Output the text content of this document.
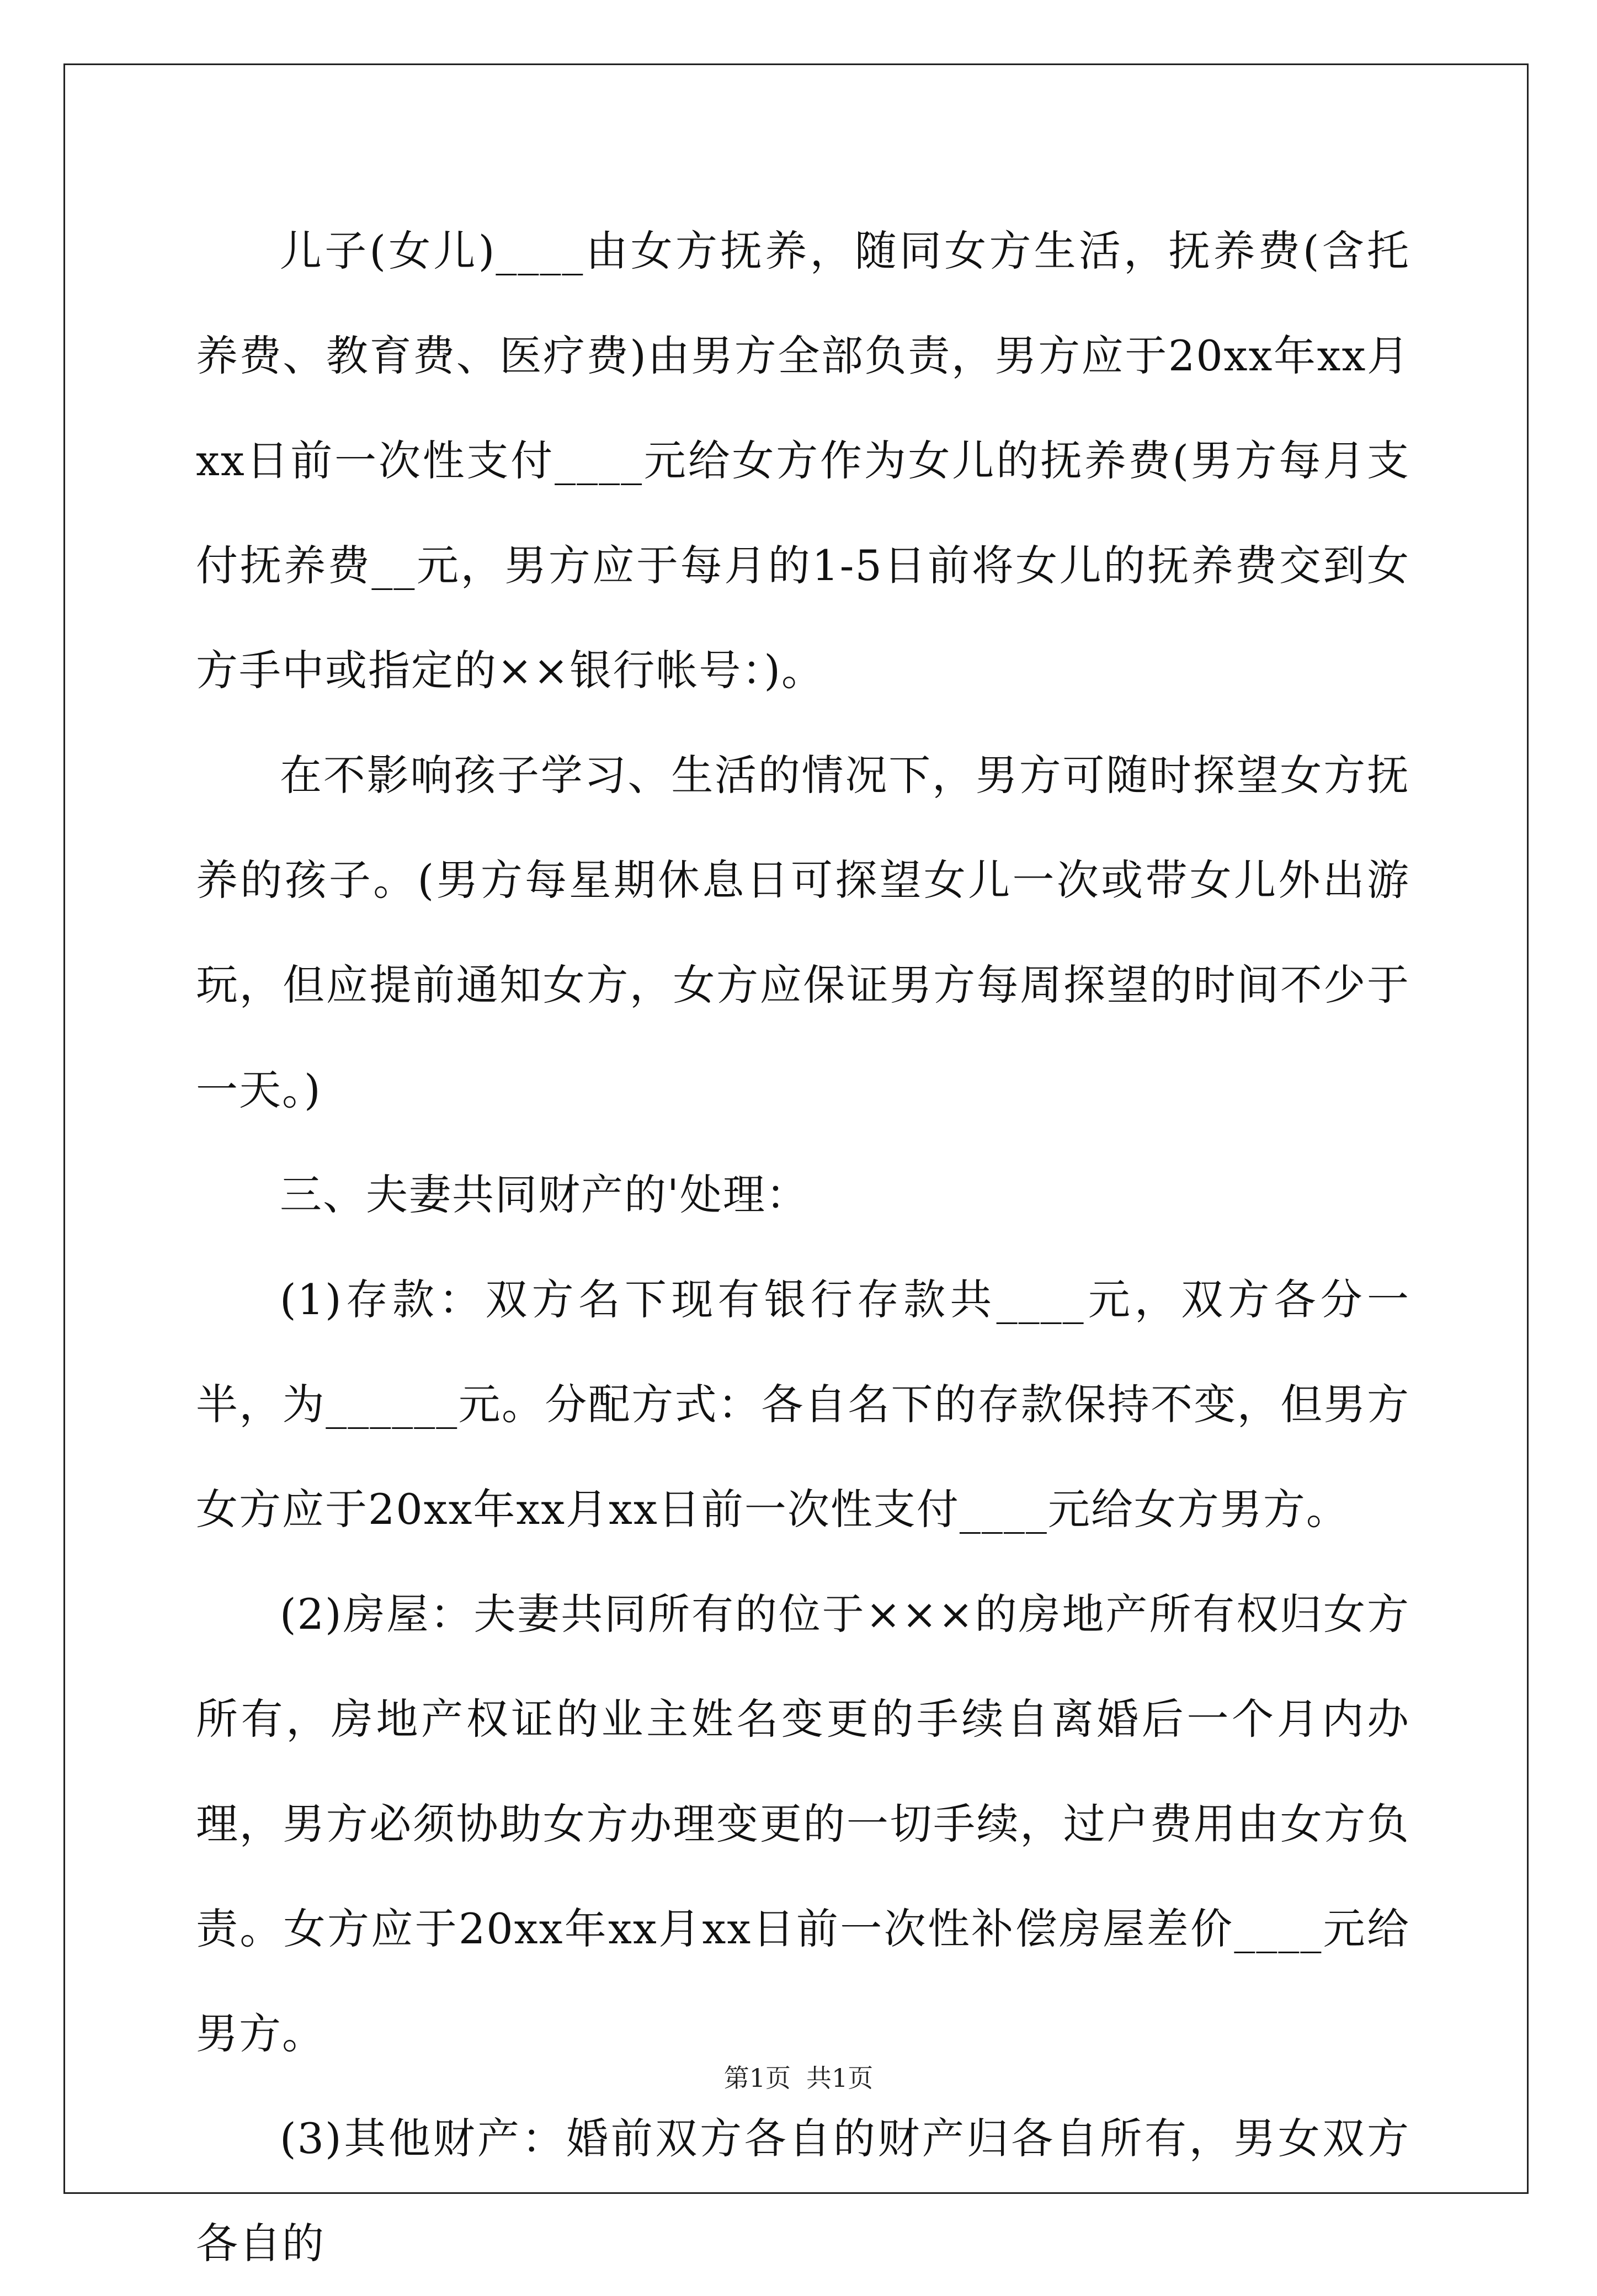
儿子(女儿)____由女方抚养，随同女方生活，抚养费(含托养费、教育费、医疗费)由男方全部负责，男方应于20xx年xx月xx日前一次性支付____元给女方作为女儿的抚养费(男方每月支付抚养费__元，男方应于每月的1-5日前将女儿的抚养费交到女方手中或指定的××银行帐号：)。

在不影响孩子学习、生活的情况下，男方可随时探望女方抚养的孩子。(男方每星期休息日可探望女儿一次或带女儿外出游玩，但应提前通知女方，女方应保证男方每周探望的时间不少于一天。)

三、夫妻共同财产的'处理：

(1)存款：双方名下现有银行存款共____元，双方各分一半，为______元。分配方式：各自名下的存款保持不变，但男方女方应于20xx年xx月xx日前一次性支付____元给女方男方。

(2)房屋：夫妻共同所有的位于×××的房地产所有权归女方所有，房地产权证的业主姓名变更的手续自离婚后一个月内办理，男方必须协助女方办理变更的一切手续，过户费用由女方负责。女方应于20xx年xx月xx日前一次性补偿房屋差价____元给男方。

(3)其他财产：婚前双方各自的财产归各自所有，男女双方各自的

第1页 共1页
